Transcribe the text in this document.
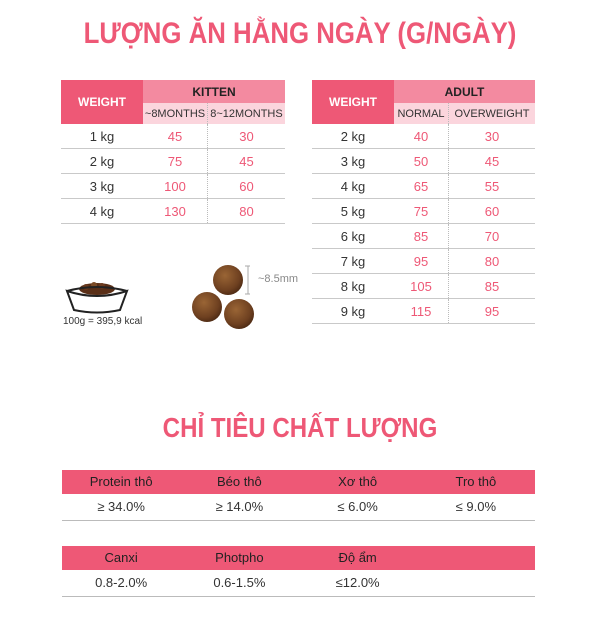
LƯỢNG ĂN HẰNG NGÀY (G/NGÀY)
WEIGHT	KITTEN	
	~8MONTHS	8~12MONTHS
1 kg	45	30
2 kg	75	45
3 kg	100	60
4 kg	130	80
WEIGHT	ADULT	
	NORMAL	OVERWEIGHT
2 kg	40	30
3 kg	50	45
4 kg	65	55
5 kg	75	60
6 kg	85	70
7 kg	95	80
8 kg	105	85
9 kg	115	95
100g = 395,9 kcal
~8.5mm
CHỈ TIÊU CHẤT LƯỢNG
Protein thô	Béo thô	Xơ thô	Tro thô
≥ 34.0%	≥ 14.0%	≤ 6.0%	≤ 9.0%
Canxi	Photpho	Độ ẩm
0.8-2.0%	0.6-1.5%	≤12.0%
